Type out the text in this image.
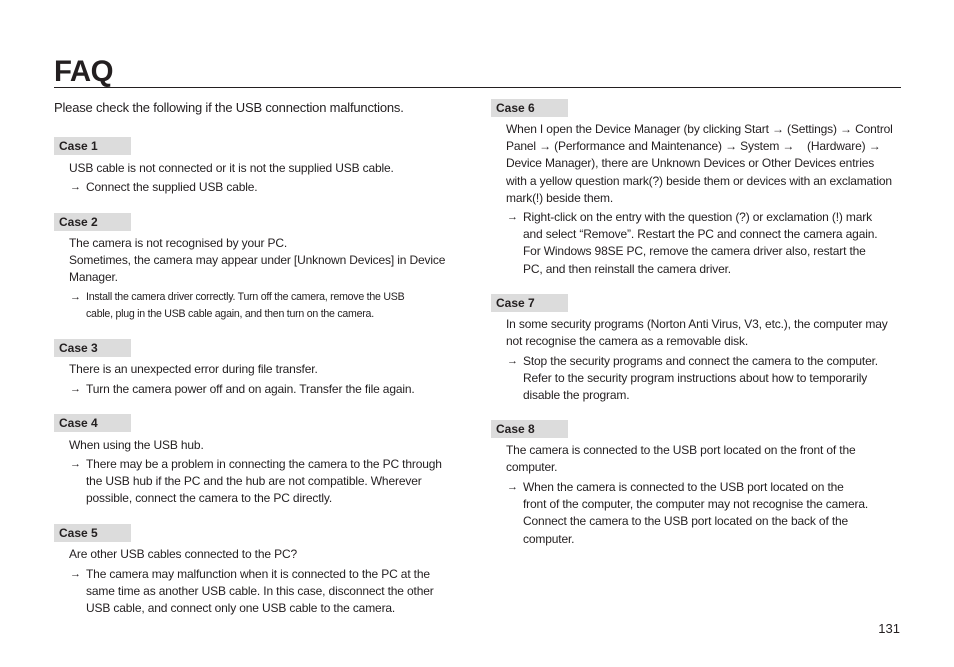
FAQ
Please check the following if the USB connection malfunctions.
Case 1
USB cable is not connected or it is not the supplied USB cable.
→ Connect the supplied USB cable.
Case 2
The camera is not recognised by your PC.
Sometimes, the camera may appear under [Unknown Devices] in Device
Manager.
→ Install the camera driver correctly. Turn off the camera, remove the USB
cable, plug in the USB cable again, and then turn on the camera.
Case 3
There is an unexpected error during file transfer.
→ Turn the camera power off and on again. Transfer the file again.
Case 4
When using the USB hub.
→ There may be a problem in connecting the camera to the PC through
the USB hub if the PC and the hub are not compatible. Wherever
possible, connect the camera to the PC directly.
Case 5
Are other USB cables connected to the PC?
→ The camera may malfunction when it is connected to the PC at the
same time as another USB cable. In this case, disconnect the other
USB cable, and connect only one USB cable to the camera.
Case 6
When I open the Device Manager (by clicking Start → (Settings) → Control
Panel → (Performance and Maintenance) → System →    (Hardware) →
Device Manager), there are Unknown Devices or Other Devices entries
with a yellow question mark(?) beside them or devices with an exclamation
mark(!) beside them.
→ Right-click on the entry with the question (?) or exclamation (!) mark
and select “Remove”. Restart the PC and connect the camera again.
For Windows 98SE PC, remove the camera driver also, restart the
PC, and then reinstall the camera driver.
Case 7
In some security programs (Norton Anti Virus, V3, etc.), the computer may
not recognise the camera as a removable disk.
→ Stop the security programs and connect the camera to the computer.
Refer to the security program instructions about how to temporarily
disable the program.
Case 8
The camera is connected to the USB port located on the front of the
computer.
→ When the camera is connected to the USB port located on the
front of the computer, the computer may not recognise the camera.
Connect the camera to the USB port located on the back of the
computer.
131
